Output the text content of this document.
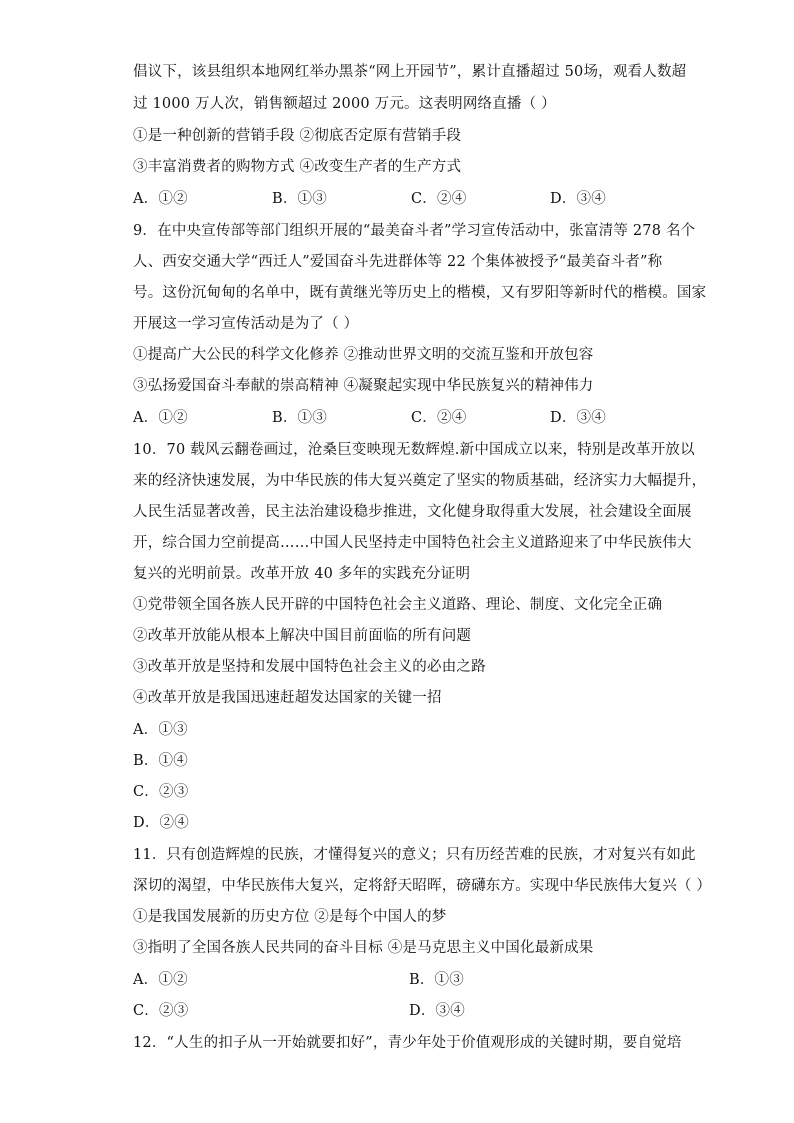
倡议下，该县组织本地网红举办黑茶“网上开园节”，累计直播超过 50场，观看人数超
过 1000 万人次，销售额超过 2000 万元。这表明网络直播（ ）
①是一种创新的营销手段 ②彻底否定原有营销手段
③丰富消费者的购物方式 ④改变生产者的生产方式
A．①②	B．①③	C．②④	D．③④
9．在中央宣传部等部门组织开展的“最美奋斗者”学习宣传活动中，张富清等 278 名个
人、西安交通大学“西迁人”爱国奋斗先进群体等 22 个集体被授予“最美奋斗者”称
号。这份沉甸甸的名单中，既有黄继光等历史上的楷模，又有罗阳等新时代的楷模。国家
开展这一学习宣传活动是为了（ ）
①提高广大公民的科学文化修养 ②推动世界文明的交流互鉴和开放包容
③弘扬爱国奋斗奉献的崇高精神 ④凝聚起实现中华民族复兴的精神伟力
A．①②	B．①③	C．②④	D．③④
10．70 载风云翻卷画过，沧桑巨变映现无数辉煌.新中国成立以来，特别是改革开放以
来的经济快速发展，为中华民族的伟大复兴奠定了坚实的物质基础，经济实力大幅提升，
人民生活显著改善，民主法治建设稳步推进，文化健身取得重大发展，社会建设全面展
开，综合国力空前提高……中国人民坚持走中国特色社会主义道路迎来了中华民族伟大
复兴的光明前景。改革开放 40 多年的实践充分证明
①党带领全国各族人民开辟的中国特色社会主义道路、理论、制度、文化完全正确
②改革开放能从根本上解决中国目前面临的所有问题
③改革开放是坚持和发展中国特色社会主义的必由之路
④改革开放是我国迅速赶超发达国家的关键一招
A．①③
B．①④
C．②③
D．②④
11．只有创造辉煌的民族，才懂得复兴的意义；只有历经苦难的民族，才对复兴有如此
深切的渴望，中华民族伟大复兴，定将舒天昭晖，磅礴东方。实现中华民族伟大复兴（ ）
①是我国发展新的历史方位 ②是每个中国人的梦
③指明了全国各族人民共同的奋斗目标 ④是马克思主义中国化最新成果
A．①②	B．①③
C．②③	D．③④
12．“人生的扣子从一开始就要扣好”，青少年处于价值观形成的关键时期，要自觉培
